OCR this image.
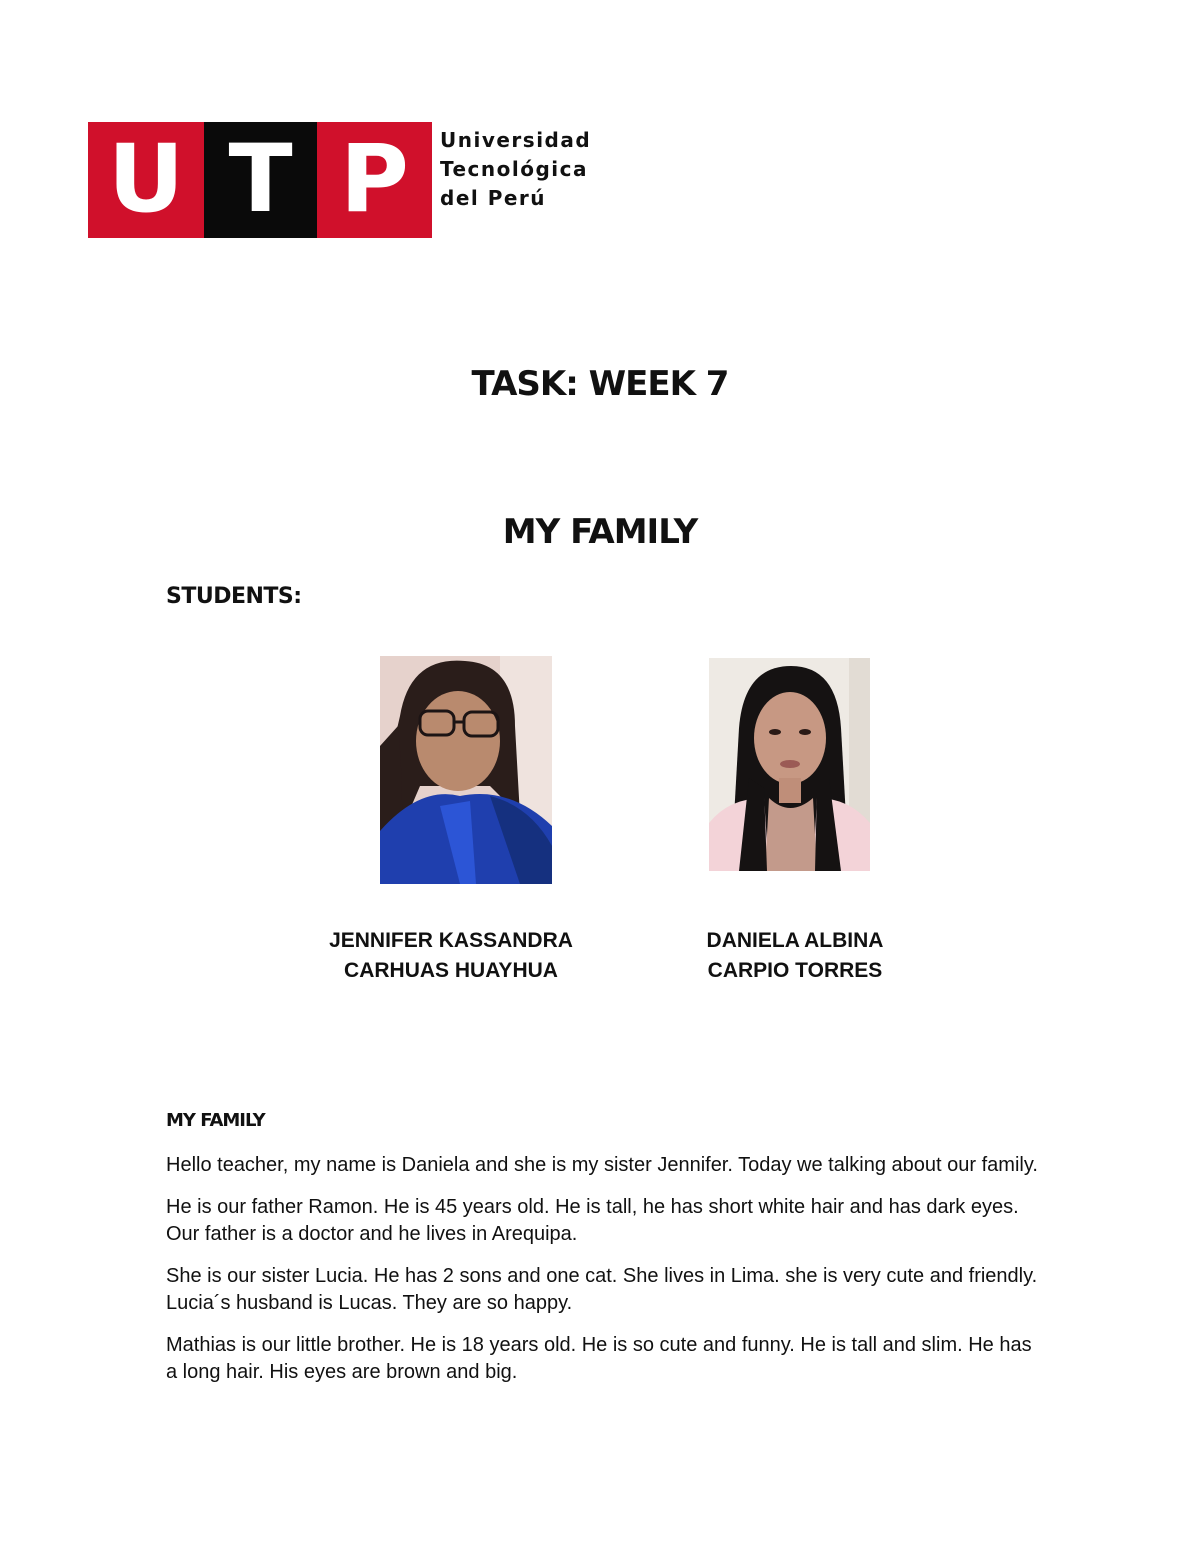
U T P	Universidad
Tecnológica
del Perú
TASK: WEEK 7
MY FAMILY
STUDENTS:
JENNIFER KASSANDRA
CARHUAS HUAYHUA
DANIELA ALBINA
CARPIO TORRES
MY FAMILY

Hello teacher, my name is Daniela and she is my sister Jennifer. Today we talking about our family.

He is our father Ramon. He is 45 years old. He is tall, he has short white hair and has dark eyes. Our father is a doctor and he lives in Arequipa.

She is our sister Lucia. He has 2 sons and one cat. She lives in Lima. she is very cute and friendly. Lucia´s husband is Lucas. They are so happy.

Mathias is our little brother. He is 18 years old. He is so cute and funny. He is tall and slim. He has a long hair. His eyes are brown and big.
